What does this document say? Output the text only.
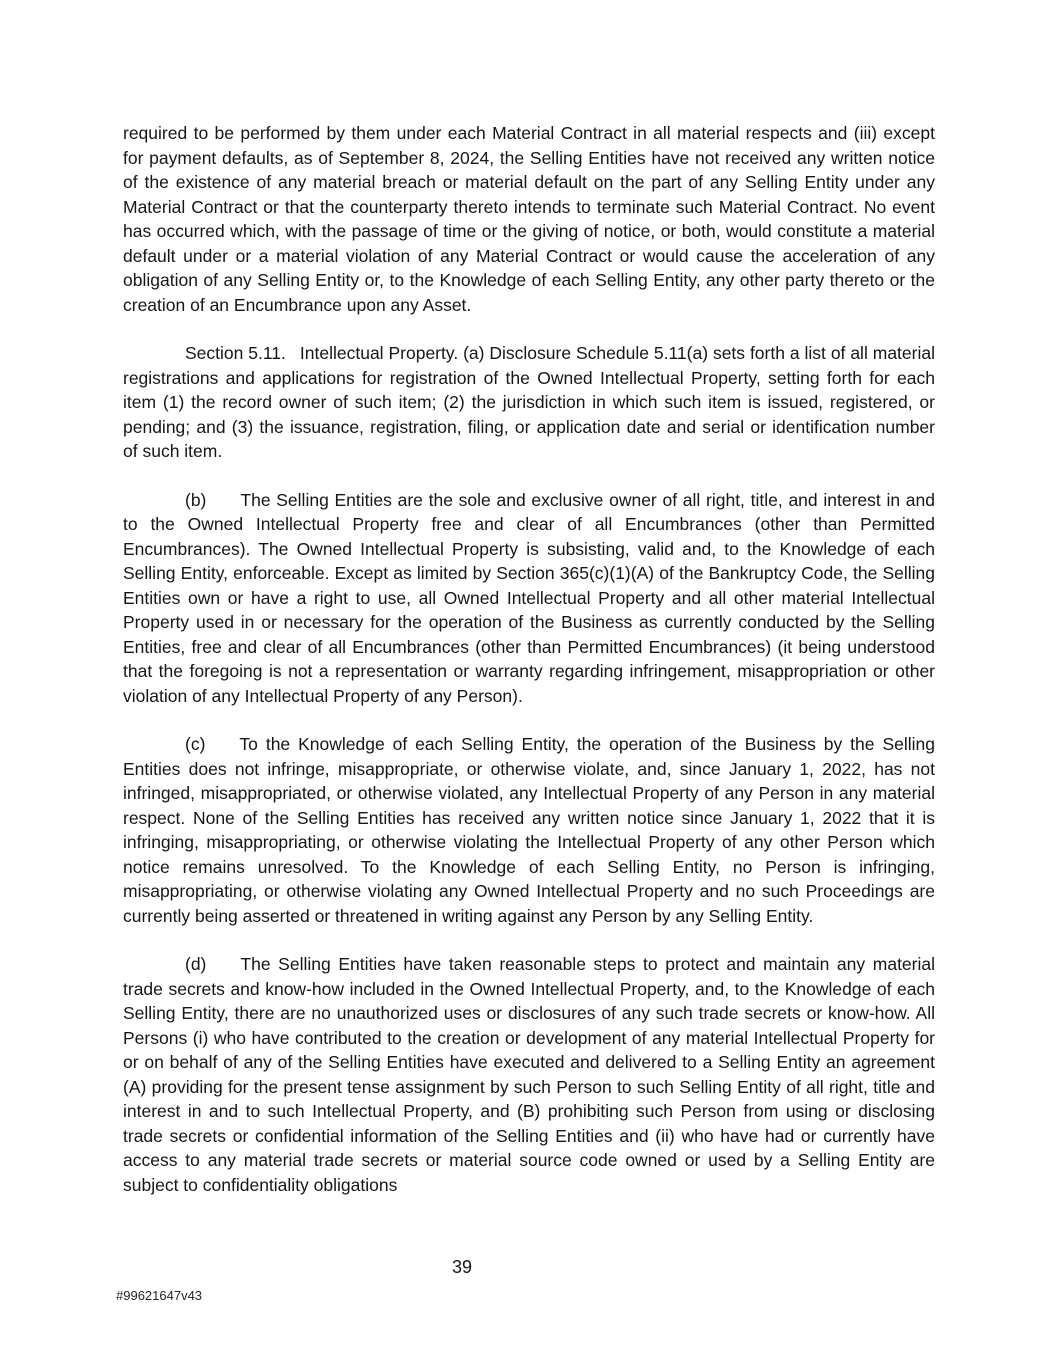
required to be performed by them under each Material Contract in all material respects and (iii) except for payment defaults, as of September 8, 2024, the Selling Entities have not received any written notice of the existence of any material breach or material default on the part of any Selling Entity under any Material Contract or that the counterparty thereto intends to terminate such Material Contract. No event has occurred which, with the passage of time or the giving of notice, or both, would constitute a material default under or a material violation of any Material Contract or would cause the acceleration of any obligation of any Selling Entity or, to the Knowledge of each Selling Entity, any other party thereto or the creation of an Encumbrance upon any Asset.

Section 5.11. Intellectual Property. (a) Disclosure Schedule 5.11(a) sets forth a list of all material registrations and applications for registration of the Owned Intellectual Property, setting forth for each item (1) the record owner of such item; (2) the jurisdiction in which such item is issued, registered, or pending; and (3) the issuance, registration, filing, or application date and serial or identification number of such item.

(b) The Selling Entities are the sole and exclusive owner of all right, title, and interest in and to the Owned Intellectual Property free and clear of all Encumbrances (other than Permitted Encumbrances). The Owned Intellectual Property is subsisting, valid and, to the Knowledge of each Selling Entity, enforceable. Except as limited by Section 365(c)(1)(A) of the Bankruptcy Code, the Selling Entities own or have a right to use, all Owned Intellectual Property and all other material Intellectual Property used in or necessary for the operation of the Business as currently conducted by the Selling Entities, free and clear of all Encumbrances (other than Permitted Encumbrances) (it being understood that the foregoing is not a representation or warranty regarding infringement, misappropriation or other violation of any Intellectual Property of any Person).

(c) To the Knowledge of each Selling Entity, the operation of the Business by the Selling Entities does not infringe, misappropriate, or otherwise violate, and, since January 1, 2022, has not infringed, misappropriated, or otherwise violated, any Intellectual Property of any Person in any material respect. None of the Selling Entities has received any written notice since January 1, 2022 that it is infringing, misappropriating, or otherwise violating the Intellectual Property of any other Person which notice remains unresolved. To the Knowledge of each Selling Entity, no Person is infringing, misappropriating, or otherwise violating any Owned Intellectual Property and no such Proceedings are currently being asserted or threatened in writing against any Person by any Selling Entity.

(d) The Selling Entities have taken reasonable steps to protect and maintain any material trade secrets and know-how included in the Owned Intellectual Property, and, to the Knowledge of each Selling Entity, there are no unauthorized uses or disclosures of any such trade secrets or know-how. All Persons (i) who have contributed to the creation or development of any material Intellectual Property for or on behalf of any of the Selling Entities have executed and delivered to a Selling Entity an agreement (A) providing for the present tense assignment by such Person to such Selling Entity of all right, title and interest in and to such Intellectual Property, and (B) prohibiting such Person from using or disclosing trade secrets or confidential information of the Selling Entities and (ii) who have had or currently have access to any material trade secrets or material source code owned or used by a Selling Entity are subject to confidentiality obligations

39
#99621647v43
